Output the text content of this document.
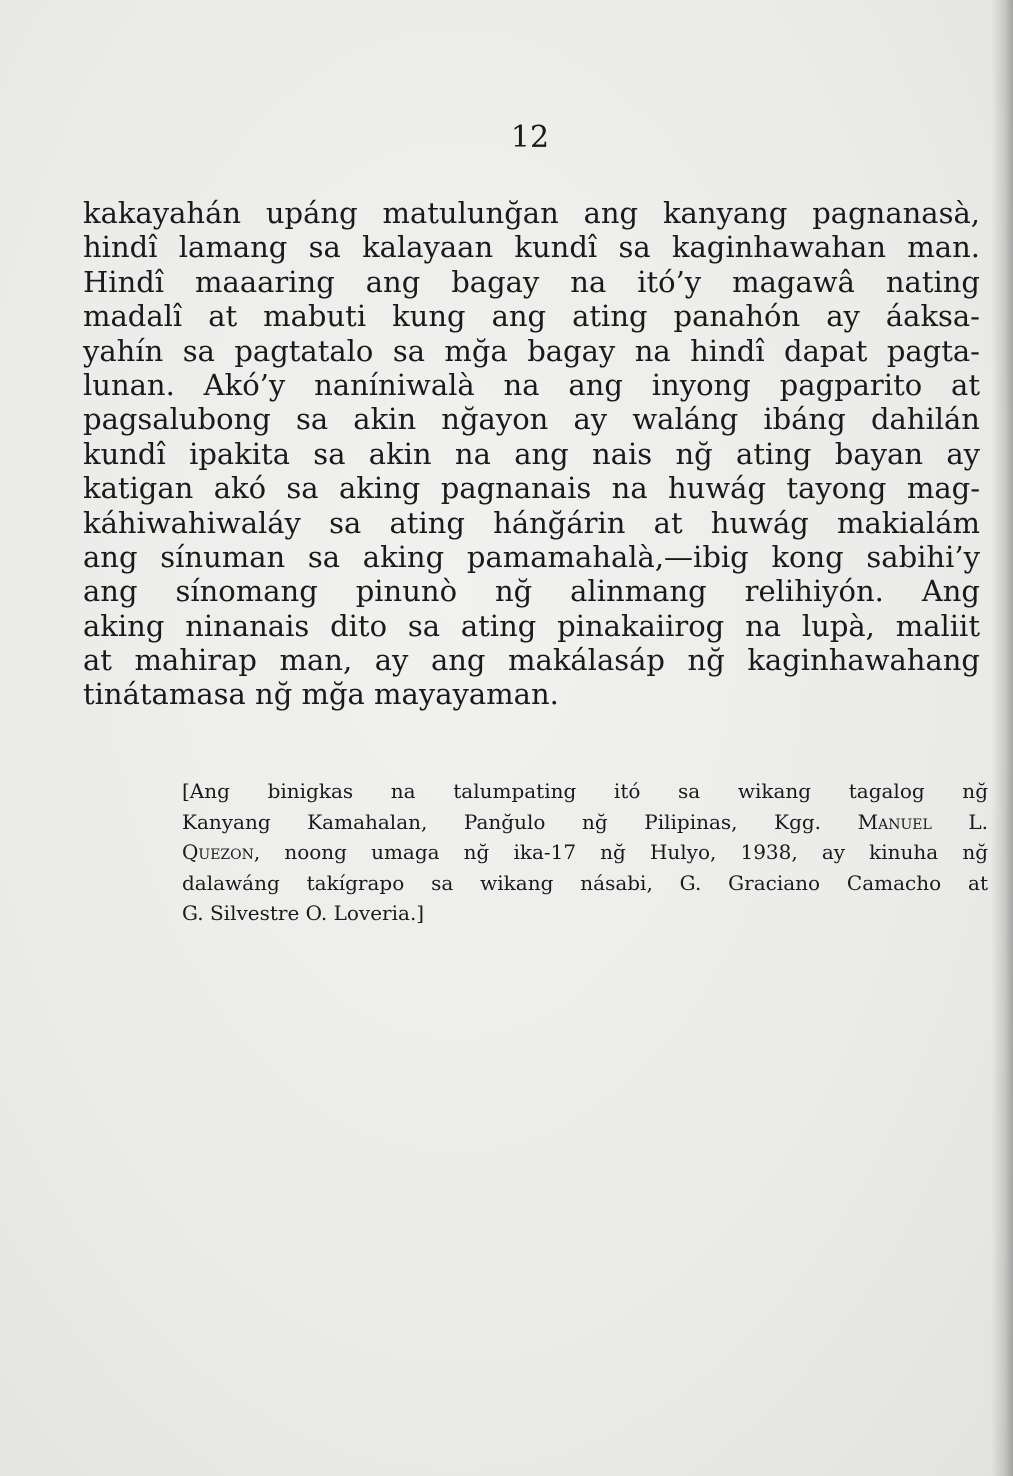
12
kakayahán upáng matulunğan ang kanyang pagnanasà,
hindî lamang sa kalayaan kundî sa kaginhawahan man.
Hindî maaaring ang bagay na itó’y magawâ nating
madalî at mabuti kung ang ating panahón ay áaksa-
yahín sa pagtatalo sa mğa bagay na hindî dapat pagta-
lunan. Akó’y naníniwalà na ang inyong pagparito at
pagsalubong sa akin nğayon ay waláng ibáng dahilán
kundî ipakita sa akin na ang nais nğ ating bayan ay
katigan akó sa aking pagnanais na huwág tayong mag-
káhiwahiwaláy sa ating hánğárin at huwág makialám
ang sínuman sa aking pamamahalà,—ibig kong sabihi’y
ang sínomang pinunò nğ alinmang relihiyón. Ang
aking ninanais dito sa ating pinakaiirog na lupà, maliit
at mahirap man, ay ang makálasáp nğ kaginhawahang
tinátamasa nğ mğa mayayaman.
[Ang binigkas na talumpating itó sa wikang tagalog nğ
Kanyang Kamahalan, Panğulo nğ Pilipinas, Kgg. Manuel L.
Quezon, noong umaga nğ ika-17 nğ Hulyo, 1938, ay kinuha nğ
dalawáng takígrapo sa wikang násabi, G. Graciano Camacho at
G. Silvestre O. Loveria.]
